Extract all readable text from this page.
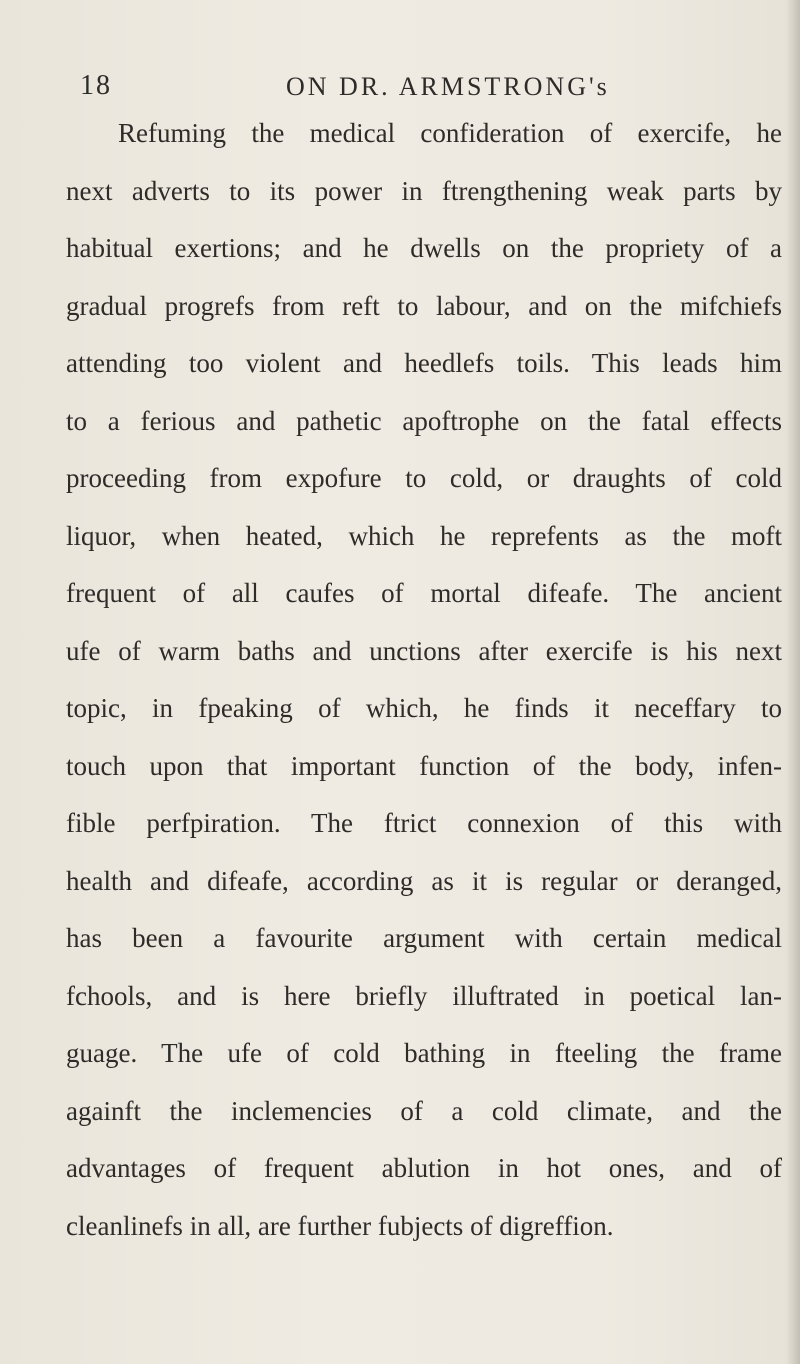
18	ON DR. ARMSTRONG's
Refuming the medical confideration of exercife, he
next adverts to its power in ftrengthening weak parts by
habitual exertions; and he dwells on the propriety of a
gradual progrefs from reft to labour, and on the mifchiefs
attending too violent and heedlefs toils. This leads him
to a ferious and pathetic apoftrophe on the fatal effects
proceeding from expofure to cold, or draughts of cold
liquor, when heated, which he reprefents as the moft
frequent of all caufes of mortal difeafe. The ancient
ufe of warm baths and unctions after exercife is his next
topic, in fpeaking of which, he finds it neceffary to
touch upon that important function of the body, infen-
fible perfpiration. The ftrict connexion of this with
health and difeafe, according as it is regular or deranged,
has been a favourite argument with certain medical
fchools, and is here briefly illuftrated in poetical lan-
guage. The ufe of cold bathing in fteeling the frame
againft the inclemencies of a cold climate, and the
advantages of frequent ablution in hot ones, and of
cleanlinefs in all, are further fubjects of digreffion.
